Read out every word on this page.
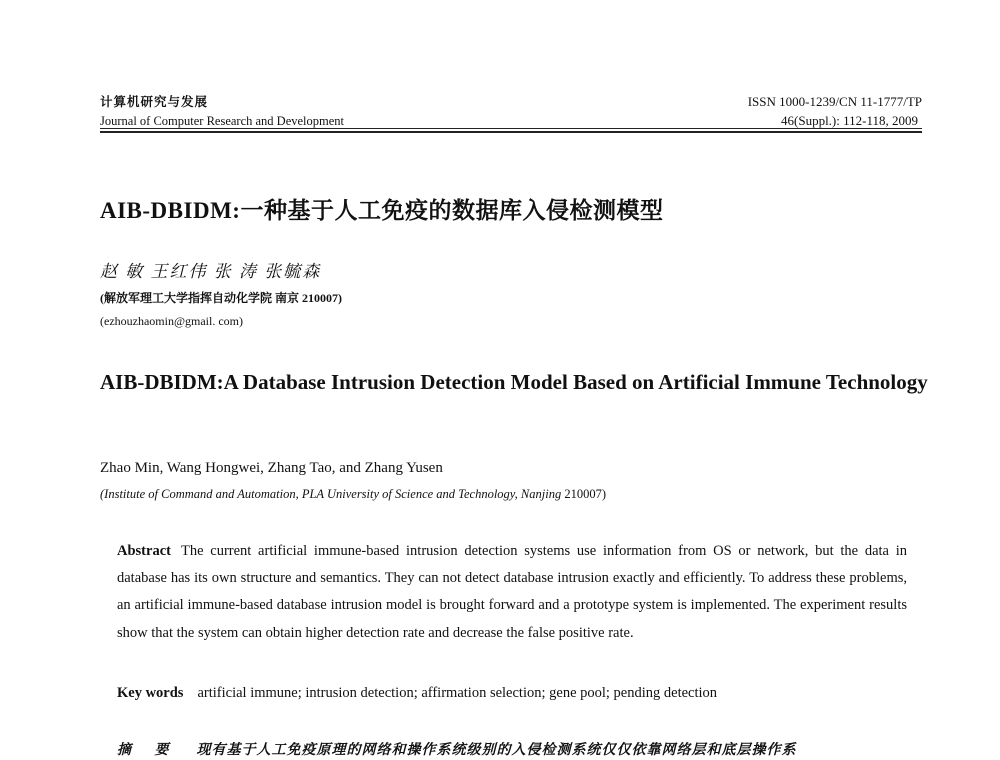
计算机研究与发展	ISSN 1000-1239/CN 11-1777/TP
Journal of Computer Research and Development	46(Suppl.): 112-118, 2009
AIB-DBIDM:一种基于人工免疫的数据库入侵检测模型
赵 敏 王红伟 张 涛 张毓森
(解放军理工大学指挥自动化学院 南京 210007)
(ezhouzhaomin@gmail. com)
AIB-DBIDM:A Database Intrusion Detection Model Based on Artificial Immune Technology
Zhao Min, Wang Hongwei, Zhang Tao, and Zhang Yusen
(Institute of Command and Automation, PLA University of Science and Technology, Nanjing 210007)
Abstract The current artificial immune-based intrusion detection systems use information from OS or network, but the data in database has its own structure and semantics. They can not detect database intrusion exactly and efficiently. To address these problems, an artificial immune-based database intrusion model is brought forward and a prototype system is implemented. The experiment results show that the system can obtain higher detection rate and decrease the false positive rate.
Key words artificial immune; intrusion detection; affirmation selection; gene pool; pending detection
摘 要 现有基于人工免疫原理的网络和操作系统级别的入侵检测系统仅仅依靠网络层和底层操作系
